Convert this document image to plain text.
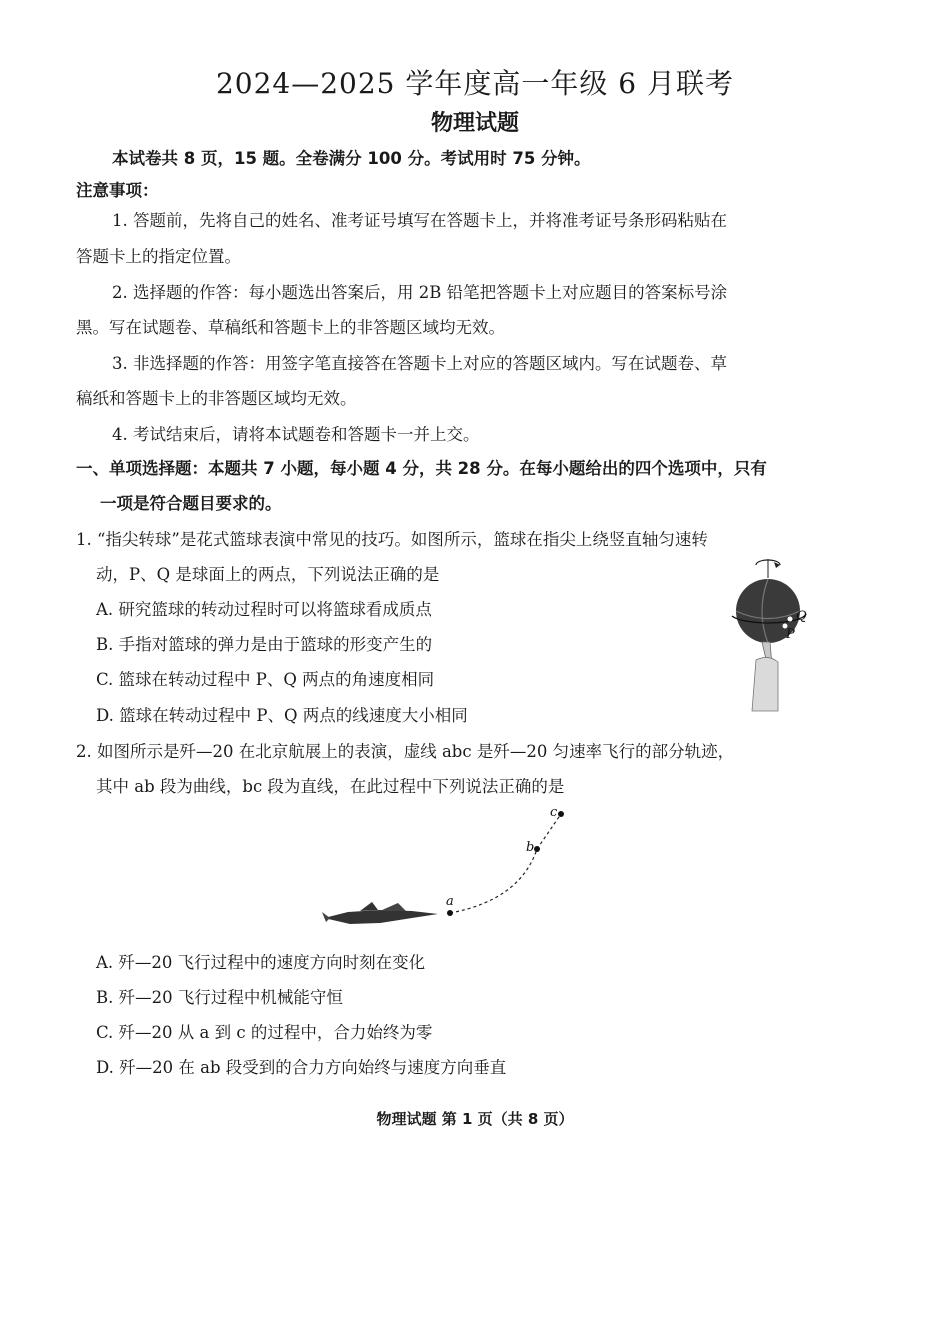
2024—2025 学年度高一年级 6 月联考
物理试题
本试卷共 8 页，15 题。全卷满分 100 分。考试用时 75 分钟。
注意事项：
1. 答题前，先将自己的姓名、准考证号填写在答题卡上，并将准考证号条形码粘贴在
答题卡上的指定位置。
2. 选择题的作答：每小题选出答案后，用 2B 铅笔把答题卡上对应题目的答案标号涂
黑。写在试题卷、草稿纸和答题卡上的非答题区域均无效。
3. 非选择题的作答：用签字笔直接答在答题卡上对应的答题区域内。写在试题卷、草
稿纸和答题卡上的非答题区域均无效。
4. 考试结束后，请将本试题卷和答题卡一并上交。
一、单项选择题：本题共 7 小题，每小题 4 分，共 28 分。在每小题给出的四个选项中，只有
一项是符合题目要求的。
1. “指尖转球”是花式篮球表演中常见的技巧。如图所示，篮球在指尖上绕竖直轴匀速转
动，P、Q 是球面上的两点，下列说法正确的是
A. 研究篮球的转动过程时可以将篮球看成质点
B. 手指对篮球的弹力是由于篮球的形变产生的
C. 篮球在转动过程中 P、Q 两点的角速度相同
D. 篮球在转动过程中 P、Q 两点的线速度大小相同
Q
P
2. 如图所示是歼—20 在北京航展上的表演，虚线 abc 是歼—20 匀速率飞行的部分轨迹，
其中 ab 段为曲线，bc 段为直线，在此过程中下列说法正确的是
a
b
c
A. 歼—20 飞行过程中的速度方向时刻在变化
B. 歼—20 飞行过程中机械能守恒
C. 歼—20 从 a 到 c 的过程中，合力始终为零
D. 歼—20 在 ab 段受到的合力方向始终与速度方向垂直
物理试题 第 1 页（共 8 页）
